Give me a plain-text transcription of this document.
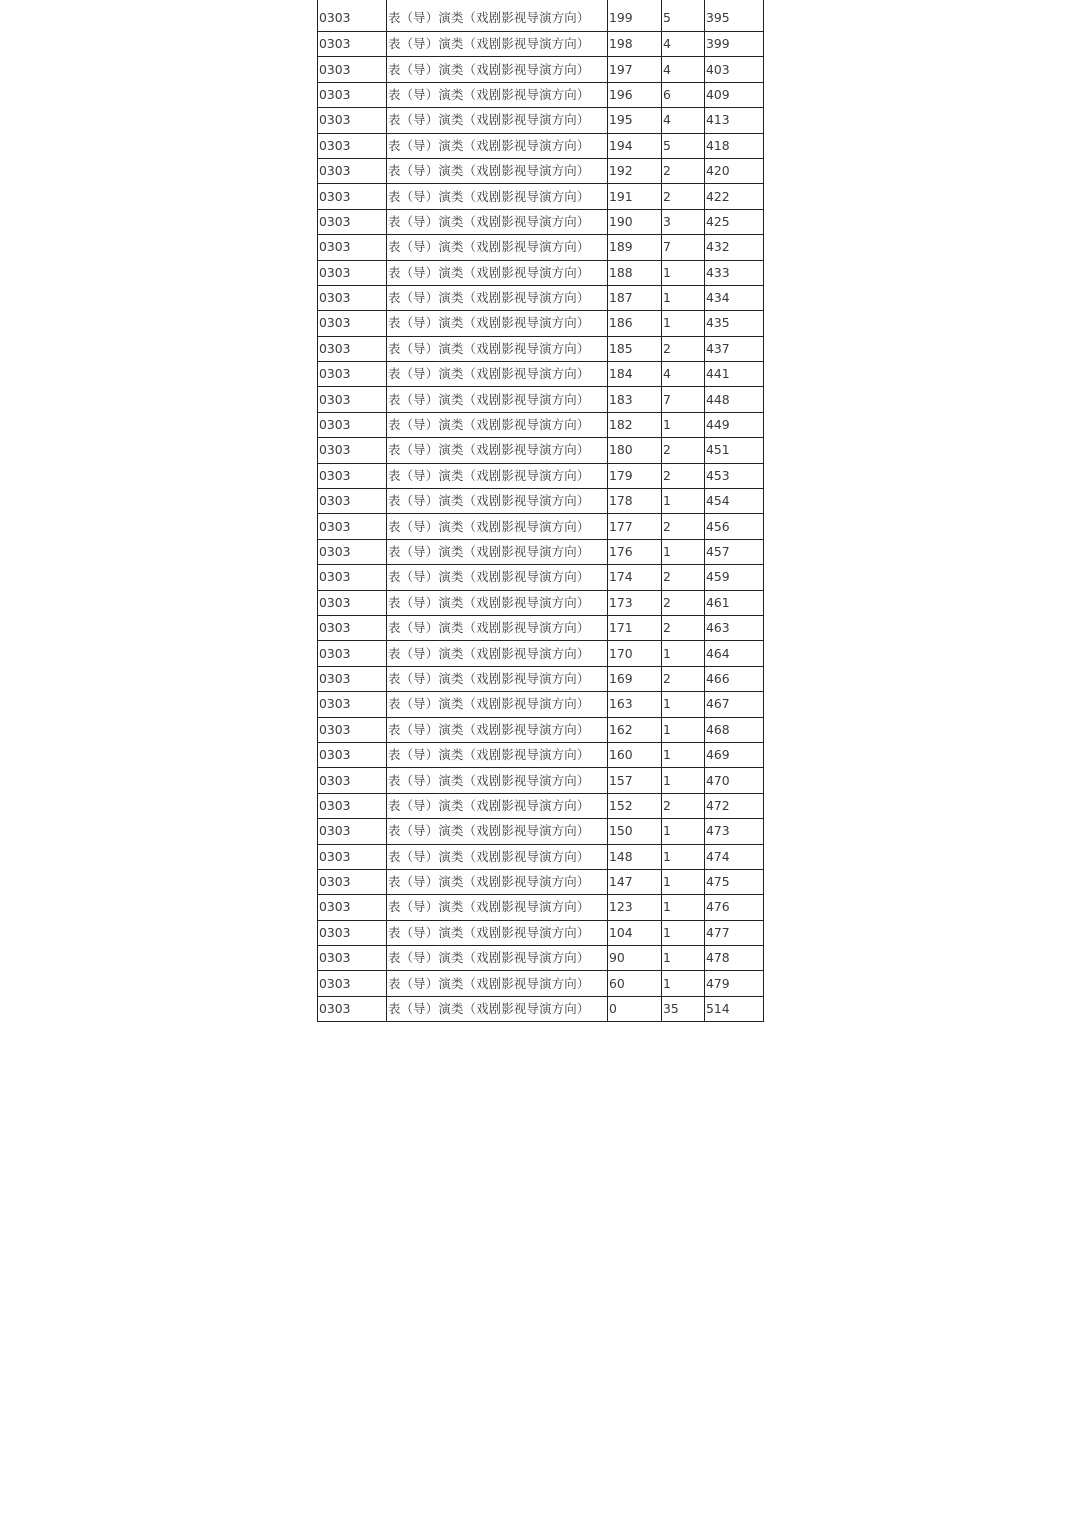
0303	表（导）演类（戏剧影视导演方向）	199	5	395
0303	表（导）演类（戏剧影视导演方向）	198	4	399
0303	表（导）演类（戏剧影视导演方向）	197	4	403
0303	表（导）演类（戏剧影视导演方向）	196	6	409
0303	表（导）演类（戏剧影视导演方向）	195	4	413
0303	表（导）演类（戏剧影视导演方向）	194	5	418
0303	表（导）演类（戏剧影视导演方向）	192	2	420
0303	表（导）演类（戏剧影视导演方向）	191	2	422
0303	表（导）演类（戏剧影视导演方向）	190	3	425
0303	表（导）演类（戏剧影视导演方向）	189	7	432
0303	表（导）演类（戏剧影视导演方向）	188	1	433
0303	表（导）演类（戏剧影视导演方向）	187	1	434
0303	表（导）演类（戏剧影视导演方向）	186	1	435
0303	表（导）演类（戏剧影视导演方向）	185	2	437
0303	表（导）演类（戏剧影视导演方向）	184	4	441
0303	表（导）演类（戏剧影视导演方向）	183	7	448
0303	表（导）演类（戏剧影视导演方向）	182	1	449
0303	表（导）演类（戏剧影视导演方向）	180	2	451
0303	表（导）演类（戏剧影视导演方向）	179	2	453
0303	表（导）演类（戏剧影视导演方向）	178	1	454
0303	表（导）演类（戏剧影视导演方向）	177	2	456
0303	表（导）演类（戏剧影视导演方向）	176	1	457
0303	表（导）演类（戏剧影视导演方向）	174	2	459
0303	表（导）演类（戏剧影视导演方向）	173	2	461
0303	表（导）演类（戏剧影视导演方向）	171	2	463
0303	表（导）演类（戏剧影视导演方向）	170	1	464
0303	表（导）演类（戏剧影视导演方向）	169	2	466
0303	表（导）演类（戏剧影视导演方向）	163	1	467
0303	表（导）演类（戏剧影视导演方向）	162	1	468
0303	表（导）演类（戏剧影视导演方向）	160	1	469
0303	表（导）演类（戏剧影视导演方向）	157	1	470
0303	表（导）演类（戏剧影视导演方向）	152	2	472
0303	表（导）演类（戏剧影视导演方向）	150	1	473
0303	表（导）演类（戏剧影视导演方向）	148	1	474
0303	表（导）演类（戏剧影视导演方向）	147	1	475
0303	表（导）演类（戏剧影视导演方向）	123	1	476
0303	表（导）演类（戏剧影视导演方向）	104	1	477
0303	表（导）演类（戏剧影视导演方向）	90	1	478
0303	表（导）演类（戏剧影视导演方向）	60	1	479
0303	表（导）演类（戏剧影视导演方向）	0	35	514
